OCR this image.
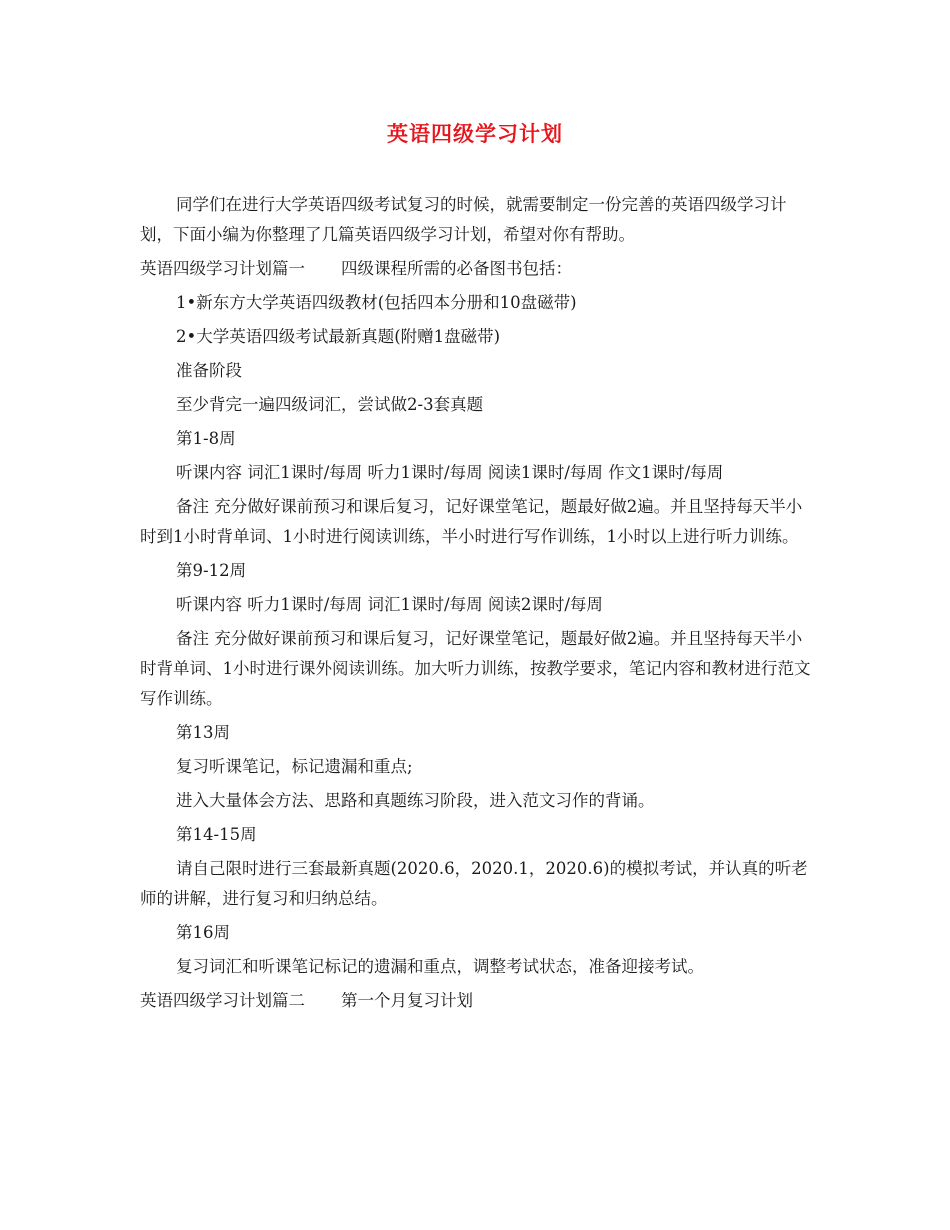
英语四级学习计划

同学们在进行大学英语四级考试复习的时候，就需要制定一份完善的英语四级学习计划，下面小编为你整理了几篇英语四级学习计划，希望对你有帮助。

英语四级学习计划篇一 四级课程所需的必备图书包括：

1•新东方大学英语四级教材(包括四本分册和10盘磁带)

2•大学英语四级考试最新真题(附赠1盘磁带)

准备阶段

至少背完一遍四级词汇，尝试做2-3套真题

第1-8周

听课内容 词汇1课时/每周 听力1课时/每周 阅读1课时/每周 作文1课时/每周

备注 充分做好课前预习和课后复习，记好课堂笔记，题最好做2遍。并且坚持每天半小时到1小时背单词、1小时进行阅读训练，半小时进行写作训练，1小时以上进行听力训练。

第9-12周

听课内容 听力1课时/每周 词汇1课时/每周 阅读2课时/每周

备注 充分做好课前预习和课后复习，记好课堂笔记，题最好做2遍。并且坚持每天半小时背单词、1小时进行课外阅读训练。加大听力训练，按教学要求，笔记内容和教材进行范文写作训练。

第13周

复习听课笔记，标记遗漏和重点;

进入大量体会方法、思路和真题练习阶段，进入范文习作的背诵。

第14-15周

请自己限时进行三套最新真题(2020.6，2020.1，2020.6)的模拟考试，并认真的听老师的讲解，进行复习和归纳总结。

第16周

复习词汇和听课笔记标记的遗漏和重点，调整考试状态，准备迎接考试。

英语四级学习计划篇二 第一个月复习计划
